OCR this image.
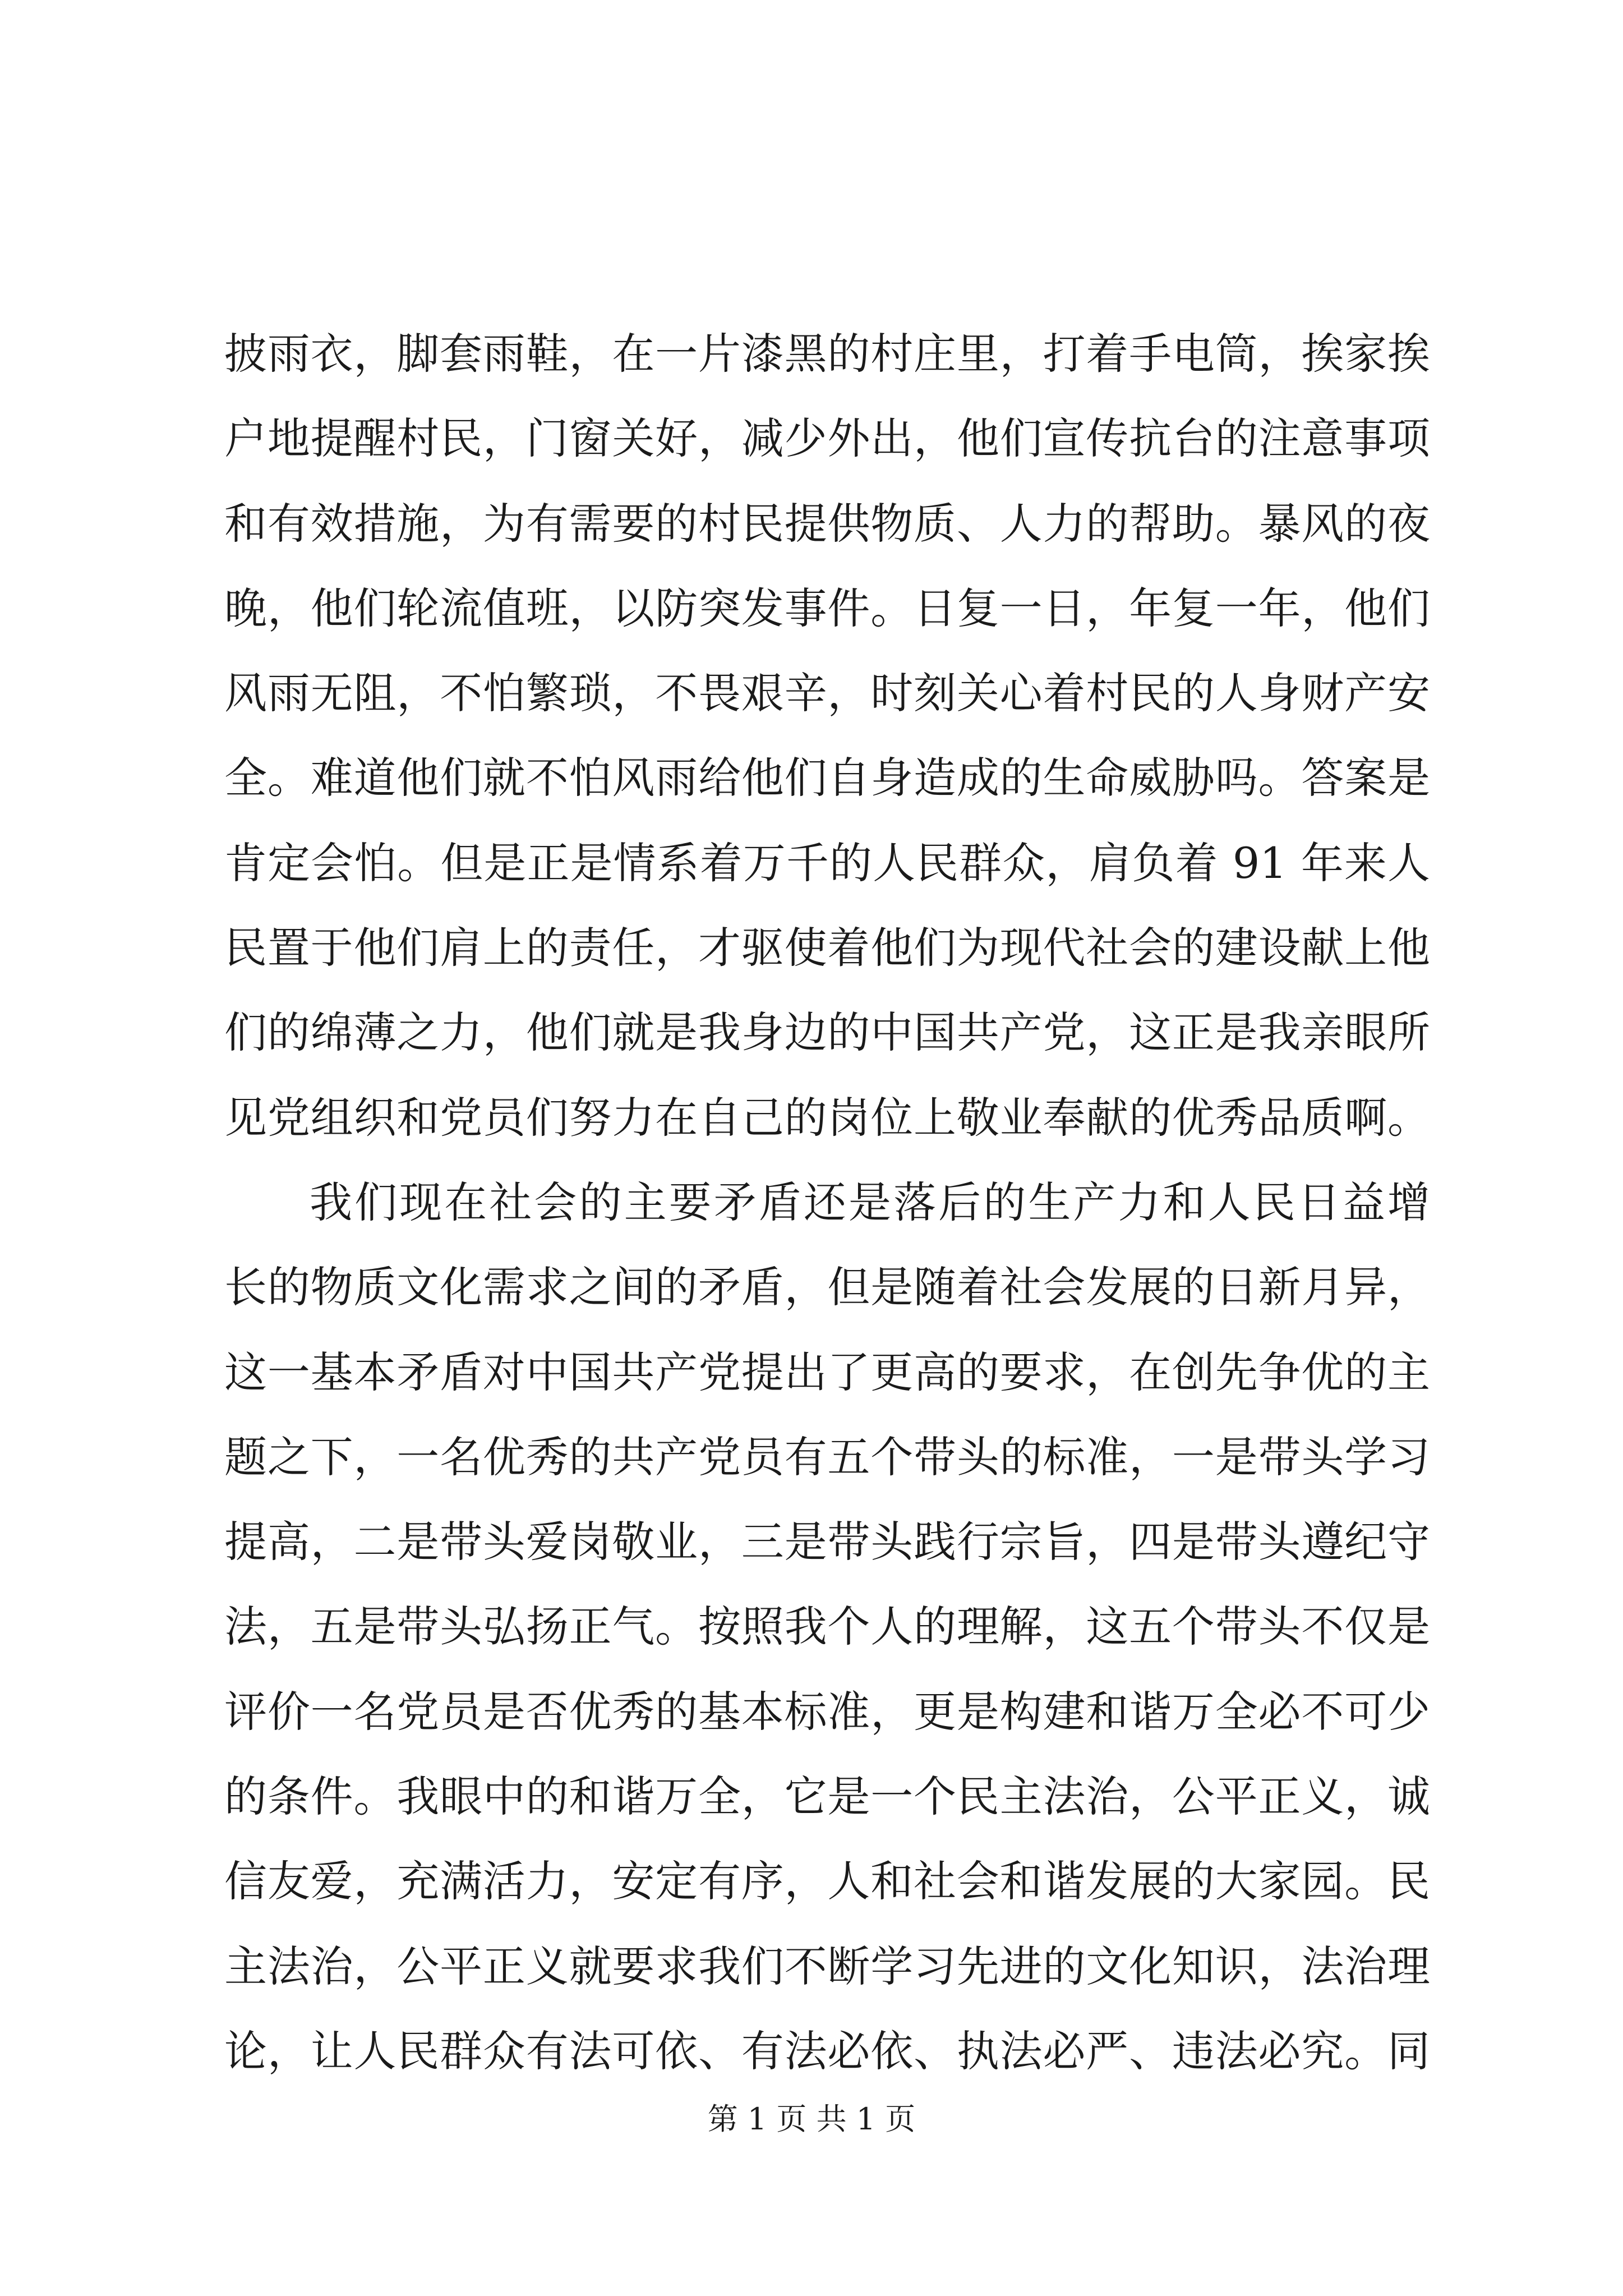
披雨衣，脚套雨鞋，在一片漆黑的村庄里，打着手电筒，挨家挨
户地提醒村民，门窗关好，减少外出，他们宣传抗台的注意事项
和有效措施，为有需要的村民提供物质、人力的帮助。暴风的夜
晚，他们轮流值班，以防突发事件。日复一日，年复一年，他们
风雨无阻，不怕繁琐，不畏艰辛，时刻关心着村民的人身财产安
全。难道他们就不怕风雨给他们自身造成的生命威胁吗。答案是
肯定会怕。但是正是情系着万千的人民群众，肩负着 91 年来人
民置于他们肩上的责任，才驱使着他们为现代社会的建设献上他
们的绵薄之力，他们就是我身边的中国共产党，这正是我亲眼所
见党组织和党员们努力在自己的岗位上敬业奉献的优秀品质啊。
我们现在社会的主要矛盾还是落后的生产力和人民日益增
长的物质文化需求之间的矛盾，但是随着社会发展的日新月异，
这一基本矛盾对中国共产党提出了更高的要求，在创先争优的主
题之下，一名优秀的共产党员有五个带头的标准，一是带头学习
提高，二是带头爱岗敬业，三是带头践行宗旨，四是带头遵纪守
法，五是带头弘扬正气。按照我个人的理解，这五个带头不仅是
评价一名党员是否优秀的基本标准，更是构建和谐万全必不可少
的条件。我眼中的和谐万全，它是一个民主法治，公平正义，诚
信友爱，充满活力，安定有序，人和社会和谐发展的大家园。民
主法治，公平正义就要求我们不断学习先进的文化知识，法治理
论，让人民群众有法可依、有法必依、执法必严、违法必究。同
第 1 页 共 1 页
